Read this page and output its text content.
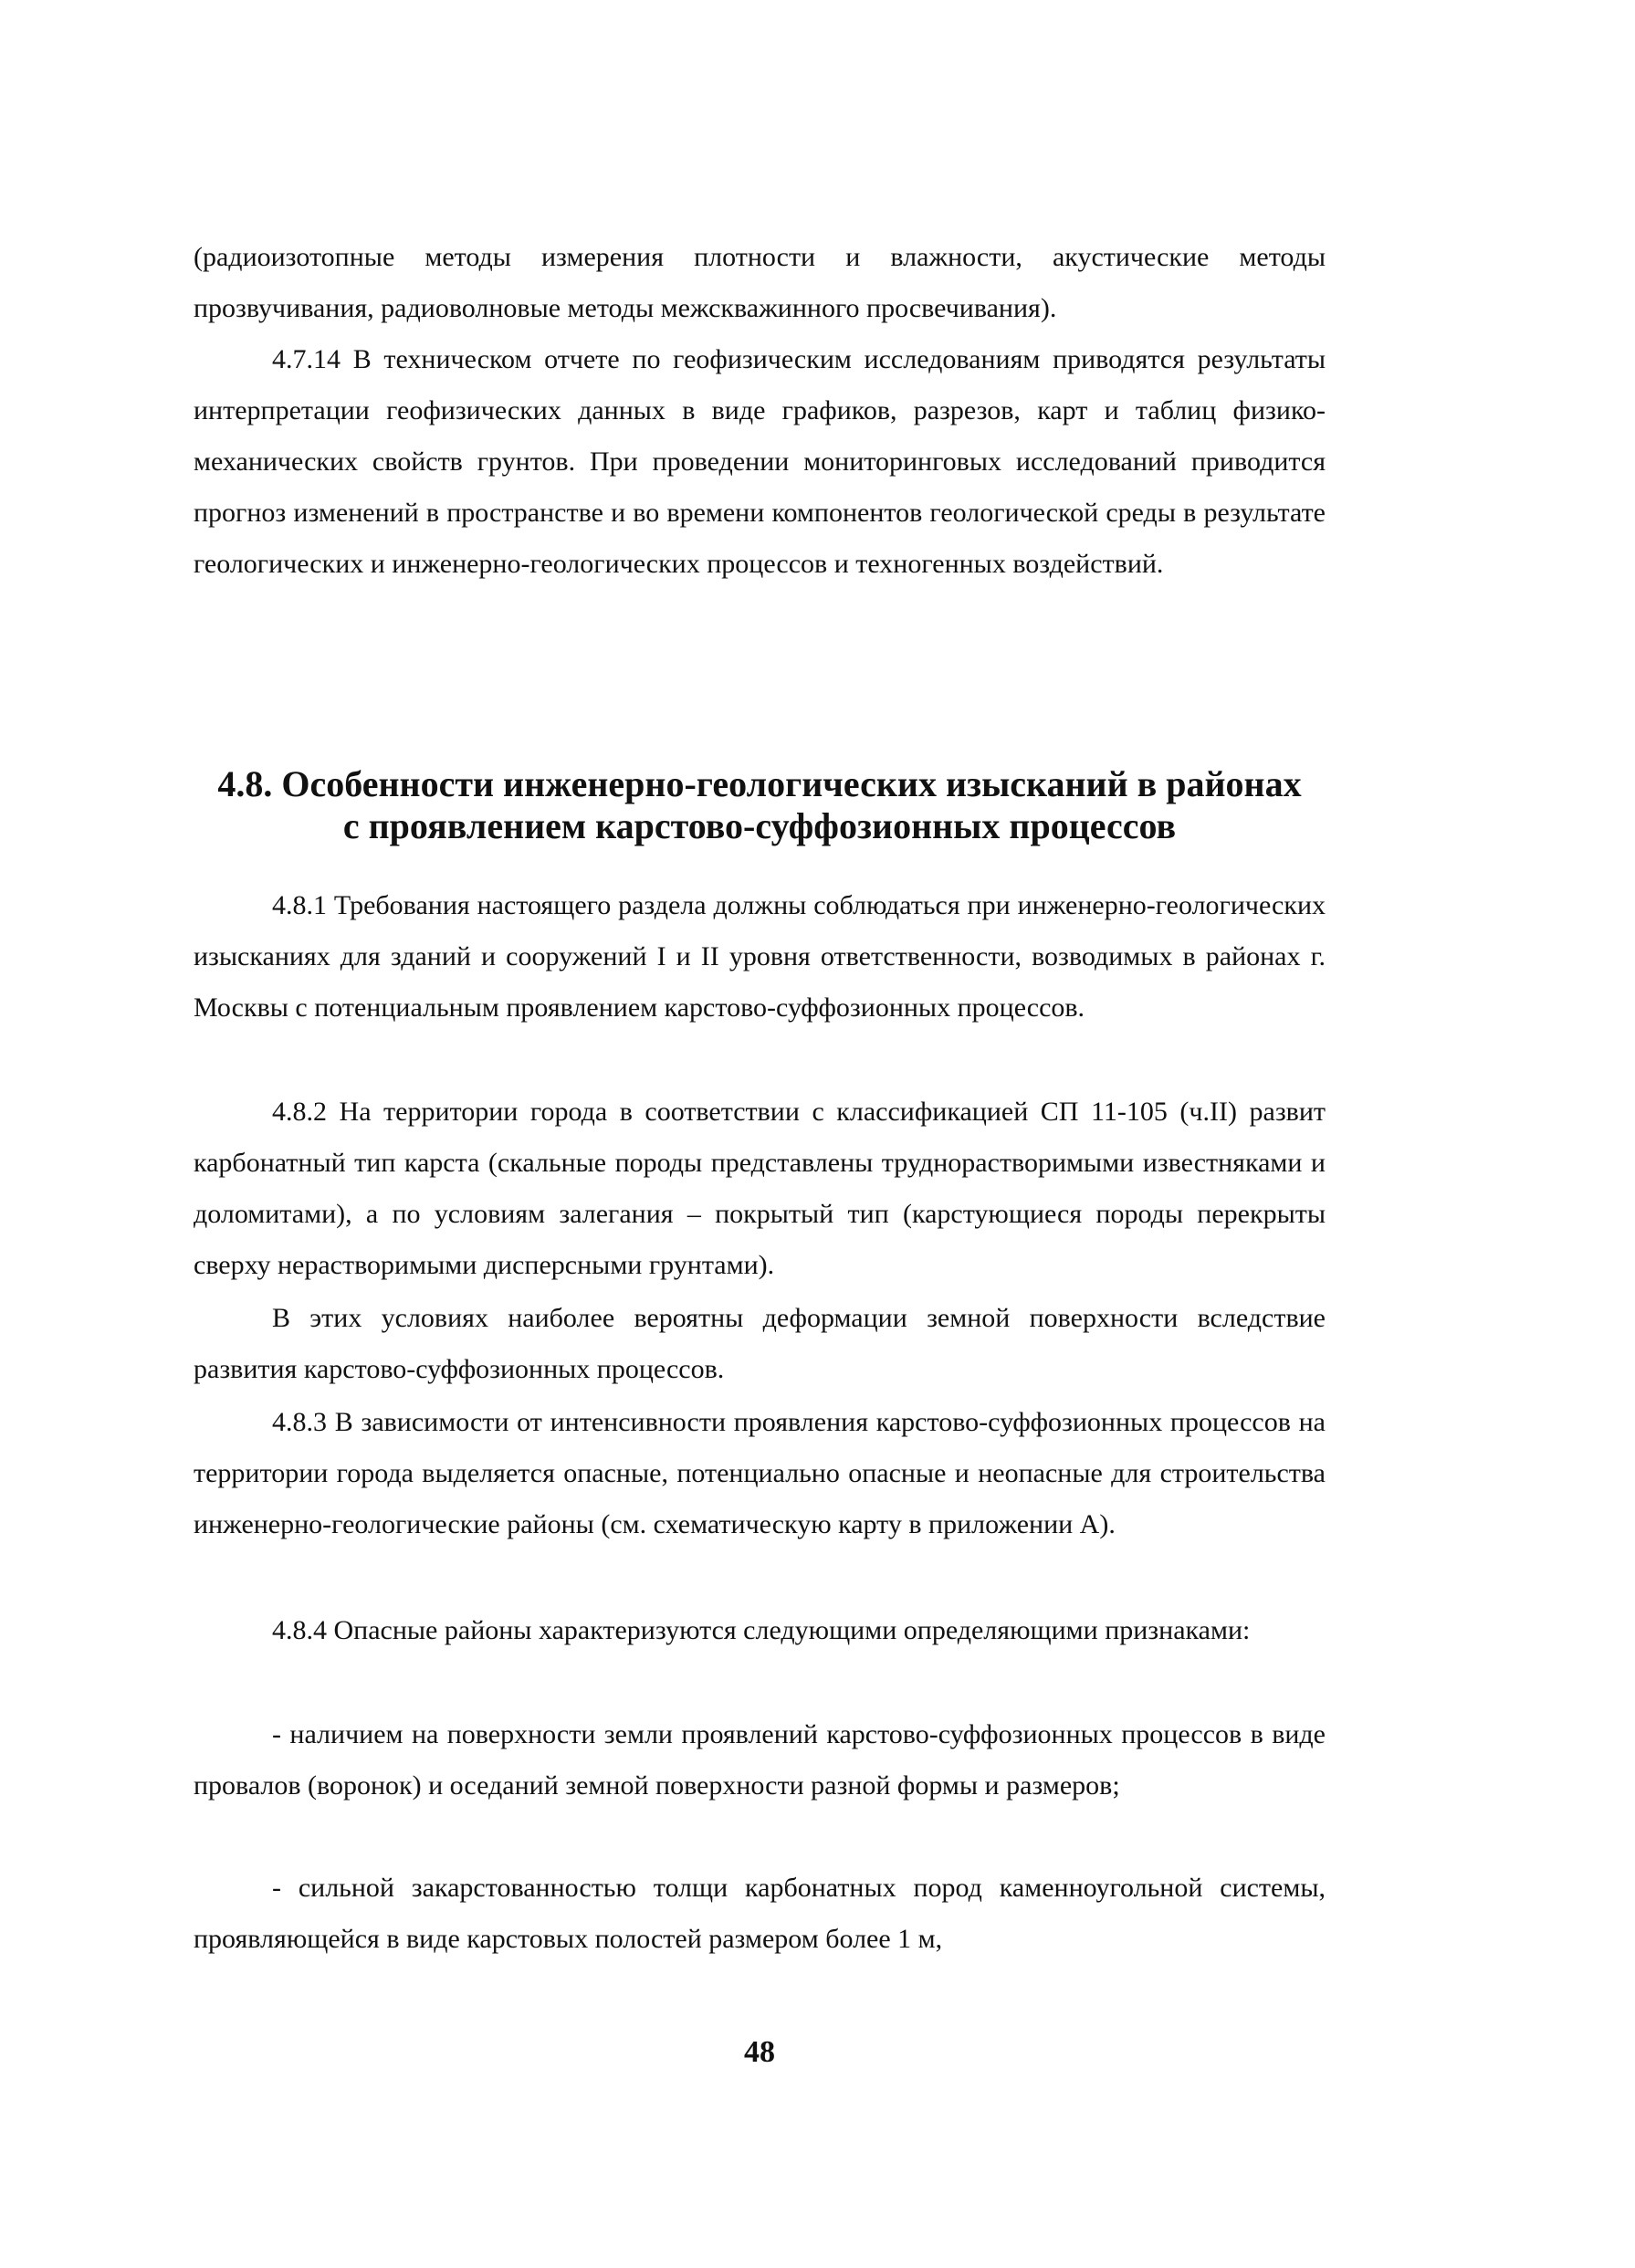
(радиоизотопные методы измерения плотности и влажности, акустические методы прозвучивания, радиоволновые методы межскважинного просвечивания).

4.7.14 В техническом отчете по геофизическим исследованиям приводятся результаты интерпретации геофизических данных в виде графиков, разрезов, карт и таблиц физико-механических свойств грунтов. При проведении мониторинговых исследований приводится прогноз изменений в пространстве и во времени компонентов геологической среды в результате геологических и инженерно-геологических процессов и техногенных воздействий.

4.8. Особенности инженерно-геологических изысканий в районах
с проявлением карстово-суффозионных процессов

4.8.1 Требования настоящего раздела должны соблюдаться при инженерно-геологических изысканиях для зданий и сооружений I и II уровня ответственности, возводимых в районах г. Москвы с потенциальным проявлением карстово-суффозионных процессов.

4.8.2 На территории города в соответствии с классификацией СП 11-105 (ч.II) развит карбонатный тип карста (скальные породы представлены труднорастворимыми известняками и доломитами), а по условиям залегания – покрытый тип (карстующиеся породы перекрыты сверху нерастворимыми дисперсными грунтами).

В этих условиях наиболее вероятны деформации земной поверхности вследствие развития карстово-суффозионных процессов.

4.8.3 В зависимости от интенсивности проявления карстово-суффозионных процессов на территории города выделяется опасные, потенциально опасные и неопасные для строительства инженерно-геологические районы (см. схематическую карту в приложении А).

4.8.4 Опасные районы характеризуются следующими определяющими признаками:

- наличием на поверхности земли проявлений карстово-суффозионных процессов в виде провалов (воронок) и оседаний земной поверхности разной формы и размеров;

- сильной закарстованностью толщи карбонатных пород каменноугольной системы, проявляющейся в виде карстовых полостей размером более 1 м,

48
